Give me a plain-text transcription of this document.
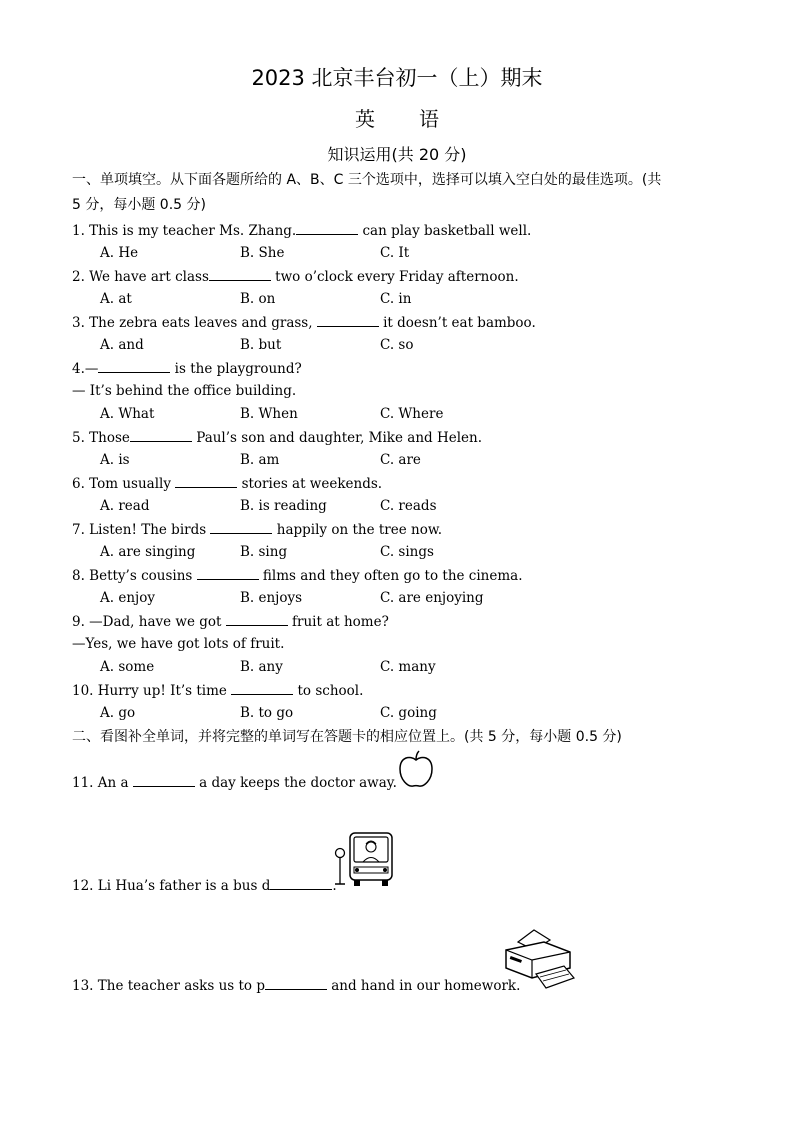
2023 北京丰台初一（上）期末
英语
知识运用(共 20 分)
一、单项填空。从下面各题所给的 A、B、C 三个选项中，选择可以填入空白处的最佳选项。(共
5 分，每小题 0.5 分)
1. This is my teacher Ms. Zhang.	can play basketball well.
A. He	B. She	C. It
2. We have art class	two o’clock every Friday afternoon.
A. at	B. on	C. in
3. The zebra eats leaves and grass,	it doesn’t eat bamboo.
A. and	B. but	C. so
4.—	is the playground?
— It’s behind the office building.
A. What	B. When	C. Where
5. Those	Paul’s son and daughter, Mike and Helen.
A. is	B. am	C. are
6. Tom usually	stories at weekends.
A. read	B. is reading	C. reads
7. Listen! The birds	happily on the tree now.
A. are singing	B. sing	C. sings
8. Betty’s cousins	films and they often go to the cinema.
A. enjoy	B. enjoys	C. are enjoying
9. —Dad, have we got	fruit at home?
—Yes, we have got lots of fruit.
A. some	B. any	C. many
10. Hurry up! It’s time	to school.
A. go	B. to go	C. going
二、看图补全单词，并将完整的单词写在答题卡的相应位置上。(共 5 分，每小题 0.5 分)
11. An a	a day keeps the doctor away.
12. Li Hua’s father is a bus d	.
13. The teacher asks us to p	and hand in our homework.
